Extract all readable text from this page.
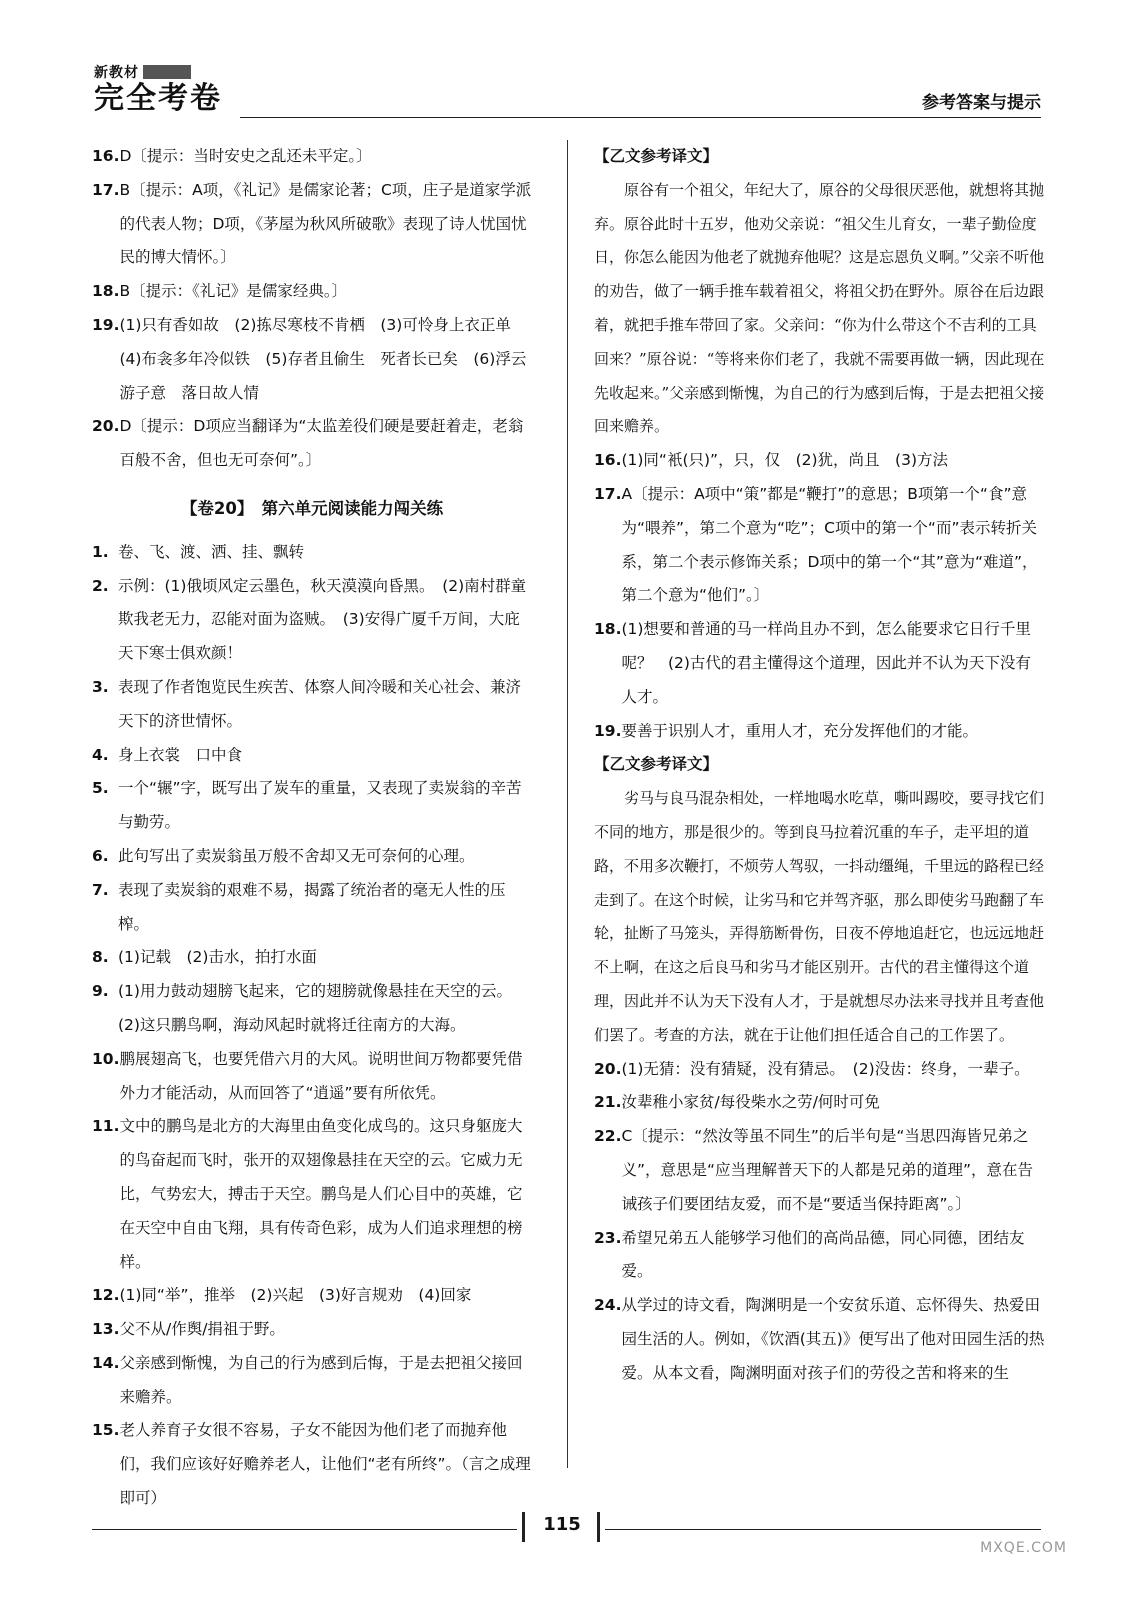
新教材
完全考卷	参考答案与提示
16. D〔提示：当时安史之乱还未平定。〕
17. B〔提示：A项，《礼记》是儒家论著；C项，庄子是道家学派的代表人物；D项，《茅屋为秋风所破歌》表现了诗人忧国忧民的博大情怀。〕
18. B〔提示：《礼记》是儒家经典。〕
19. (1)只有香如故　(2)拣尽寒枝不肯栖　(3)可怜身上衣正单　(4)布衾多年冷似铁　(5)存者且偷生　死者长已矣　(6)浮云游子意　落日故人情
20. D〔提示：D项应当翻译为“太监差役们硬是要赶着走，老翁百般不舍，但也无可奈何”。〕
【卷20】　第六单元阅读能力闯关练
1. 卷、飞、渡、洒、挂、飘转
2. 示例：(1)俄顷风定云墨色，秋天漠漠向昏黑。　(2)南村群童欺我老无力，忍能对面为盗贼。　(3)安得广厦千万间，大庇天下寒士俱欢颜！
3. 表现了作者饱览民生疾苦、体察人间冷暖和关心社会、兼济天下的济世情怀。
4. 身上衣裳　口中食
5. 一个“辗”字，既写出了炭车的重量，又表现了卖炭翁的辛苦与勤劳。
6. 此句写出了卖炭翁虽万般不舍却又无可奈何的心理。
7. 表现了卖炭翁的艰难不易，揭露了统治者的毫无人性的压榨。
8. (1)记载　(2)击水，拍打水面
9. (1)用力鼓动翅膀飞起来，它的翅膀就像悬挂在天空的云。　(2)这只鹏鸟啊，海动风起时就将迁往南方的大海。
10. 鹏展翅高飞，也要凭借六月的大风。说明世间万物都要凭借外力才能活动，从而回答了“逍遥”要有所依凭。
11. 文中的鹏鸟是北方的大海里由鱼变化成鸟的。这只身躯庞大的鸟奋起而飞时，张开的双翅像悬挂在天空的云。它威力无比，气势宏大，搏击于天空。鹏鸟是人们心目中的英雄，它在天空中自由飞翔，具有传奇色彩，成为人们追求理想的榜样。
12. (1)同“举”，推举　(2)兴起　(3)好言规劝　(4)回家
13. 父不从/作舆/捐祖于野。
14. 父亲感到惭愧，为自己的行为感到后悔，于是去把祖父接回来赡养。
15. 老人养育子女很不容易，子女不能因为他们老了而抛弃他们，我们应该好好赡养老人，让他们“老有所终”。（言之成理即可）
【乙文参考译文】
原谷有一个祖父，年纪大了，原谷的父母很厌恶他，就想将其抛弃。原谷此时十五岁，他劝父亲说：“祖父生儿育女，一辈子勤俭度日，你怎么能因为他老了就抛弃他呢？这是忘恩负义啊。”父亲不听他的劝告，做了一辆手推车载着祖父，将祖父扔在野外。原谷在后边跟着，就把手推车带回了家。父亲问：“你为什么带这个不吉利的工具回来？”原谷说：“等将来你们老了，我就不需要再做一辆，因此现在先收起来。”父亲感到惭愧，为自己的行为感到后悔，于是去把祖父接回来赡养。
16. (1)同“衹(只)”，只，仅　(2)犹，尚且　(3)方法
17. A〔提示：A项中“策”都是“鞭打”的意思；B项第一个“食”意为“喂养”，第二个意为“吃”；C项中的第一个“而”表示转折关系，第二个表示修饰关系；D项中的第一个“其”意为“难道”，第二个意为“他们”。〕
18. (1)想要和普通的马一样尚且办不到，怎么能要求它日行千里呢？　(2)古代的君主懂得这个道理，因此并不认为天下没有人才。
19. 要善于识别人才，重用人才，充分发挥他们的才能。
【乙文参考译文】
劣马与良马混杂相处，一样地喝水吃草，嘶叫踢咬，要寻找它们不同的地方，那是很少的。等到良马拉着沉重的车子，走平坦的道路，不用多次鞭打，不烦劳人驾驭，一抖动缰绳，千里远的路程已经走到了。在这个时候，让劣马和它并驾齐驱，那么即使劣马跑翻了车轮，扯断了马笼头，弄得筋断骨伤，日夜不停地追赶它，也远远地赶不上啊，在这之后良马和劣马才能区别开。古代的君主懂得这个道理，因此并不认为天下没有人才，于是就想尽办法来寻找并且考查他们罢了。考查的方法，就在于让他们担任适合自己的工作罢了。
20. (1)无猜：没有猜疑，没有猜忌。　(2)没齿：终身，一辈子。
21. 汝辈稚小家贫/每役柴水之劳/何时可免
22. C〔提示：“然汝等虽不同生”的后半句是“当思四海皆兄弟之义”，意思是“应当理解普天下的人都是兄弟的道理”，意在告诫孩子们要团结友爱，而不是“要适当保持距离”。〕
23. 希望兄弟五人能够学习他们的高尚品德，同心同德，团结友爱。
24. 从学过的诗文看，陶渊明是一个安贫乐道、忘怀得失、热爱田园生活的人。例如，《饮酒(其五)》便写出了他对田园生活的热爱。从本文看，陶渊明面对孩子们的劳役之苦和将来的生
115
MXQE.COM
